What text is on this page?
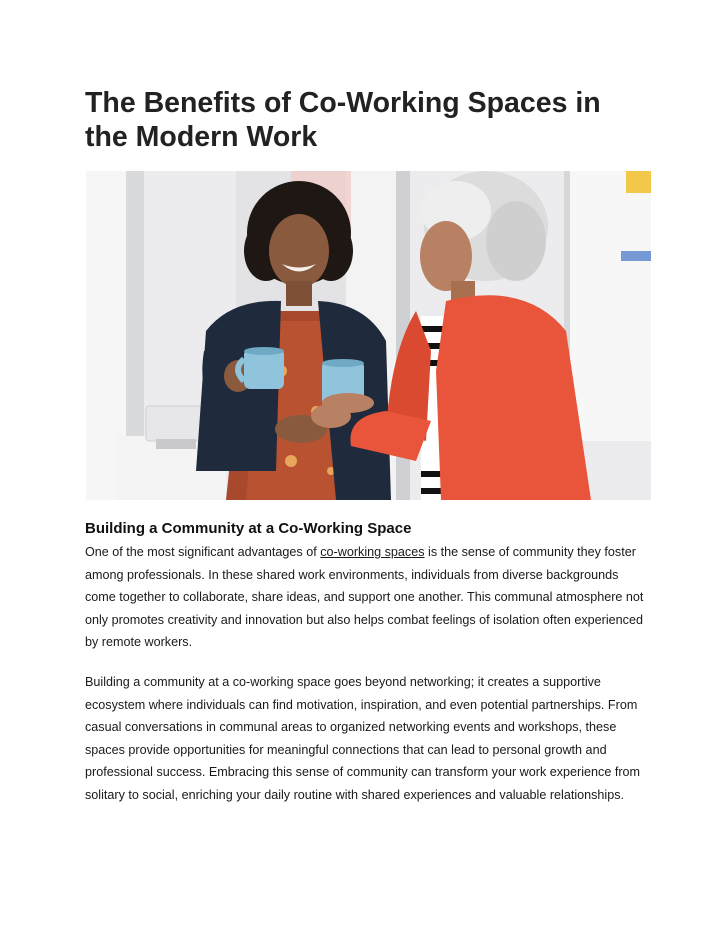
The Benefits of Co-Working Spaces in the Modern Work
Building a Community at a Co-Working Space

One of the most significant advantages of co-working spaces is the sense of community they foster among professionals. In these shared work environments, individuals from diverse backgrounds come together to collaborate, share ideas, and support one another. This communal atmosphere not only promotes creativity and innovation but also helps combat feelings of isolation often experienced by remote workers.

Building a community at a co-working space goes beyond networking; it creates a supportive ecosystem where individuals can find motivation, inspiration, and even potential partnerships. From casual conversations in communal areas to organized networking events and workshops, these spaces provide opportunities for meaningful connections that can lead to personal growth and professional success. Embracing this sense of community can transform your work experience from solitary to social, enriching your daily routine with shared experiences and valuable relationships.
